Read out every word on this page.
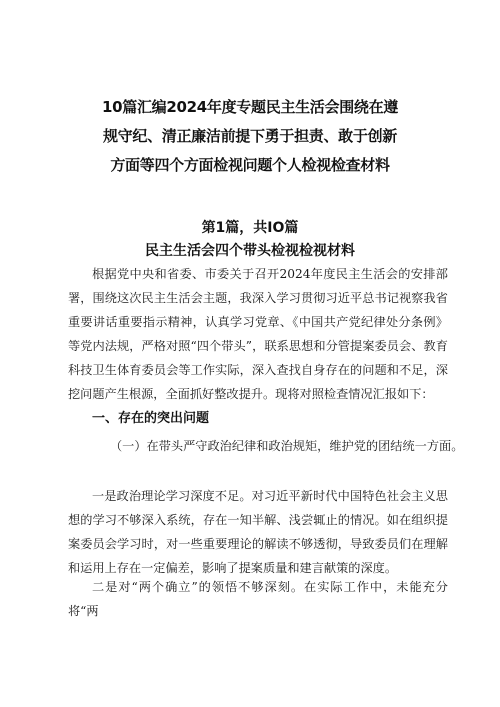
10篇汇编2024年度专题民主生活会围绕在遵
规守纪、清正廉洁前提下勇于担责、敢于创新
方面等四个方面检视问题个人检视检查材料
第1篇，共IO篇
民主生活会四个带头检视检视材料
根据党中央和省委、市委关于召开2024年度民主生活会的安排部署，围绕这次民主生活会主题，我深入学习贯彻习近平总书记视察我省重要讲话重要指示精神，认真学习党章、《中国共产党纪律处分条例》等党内法规，严格对照“四个带头”，联系思想和分管提案委员会、教育科技卫生体育委员会等工作实际，深入查找自身存在的问题和不足，深挖问题产生根源，全面抓好整改提升。现将对照检查情况汇报如下：
一、存在的突出问题
（一）在带头严守政治纪律和政治规矩，维护党的团结统一方面。
一是政治理论学习深度不足。对习近平新时代中国特色社会主义思想的学习不够深入系统，存在一知半解、浅尝辄止的情况。如在组织提案委员会学习时，对一些重要理论的解读不够透彻，导致委员们在理解和运用上存在一定偏差，影响了提案质量和建言献策的深度。
二是对“两个确立”的领悟不够深刻。在实际工作中，未能充分将“两
